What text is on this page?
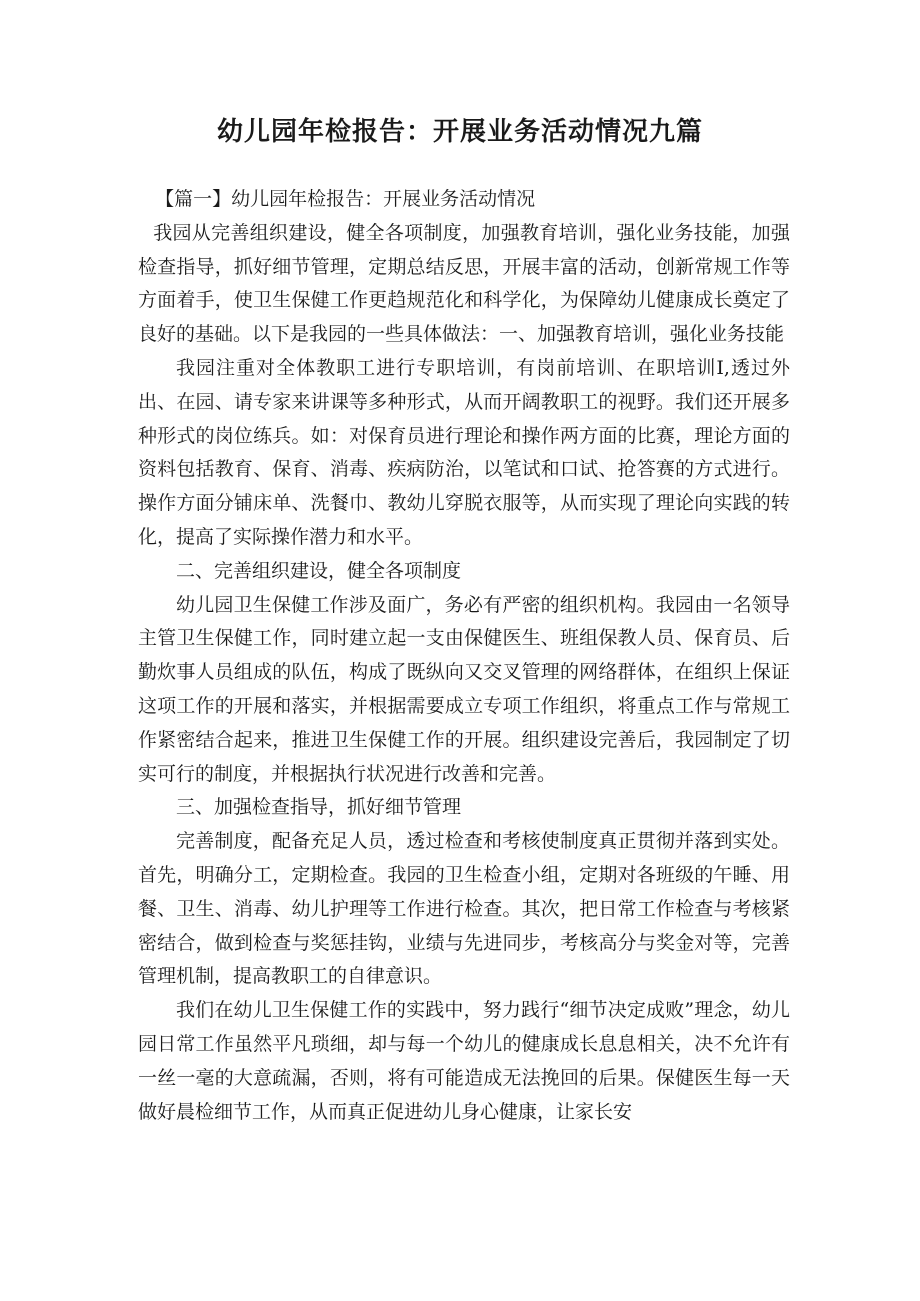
幼儿园年检报告：开展业务活动情况九篇

【篇一】幼儿园年检报告：开展业务活动情况

我园从完善组织建设，健全各项制度，加强教育培训，强化业务技能，加强检查指导，抓好细节管理，定期总结反思，开展丰富的活动，创新常规工作等方面着手，使卫生保健工作更趋规范化和科学化，为保障幼儿健康成长奠定了良好的基础。以下是我园的一些具体做法：一、加强教育培训，强化业务技能

我园注重对全体教职工进行专职培训，有岗前培训、在职培训I,透过外出、在园、请专家来讲课等多种形式，从而开阔教职工的视野。我们还开展多种形式的岗位练兵。如：对保育员进行理论和操作两方面的比赛，理论方面的资料包括教育、保育、消毒、疾病防治，以笔试和口试、抢答赛的方式进行。操作方面分铺床单、洗餐巾、教幼儿穿脱衣服等，从而实现了理论向实践的转化，提高了实际操作潜力和水平。

二、完善组织建设，健全各项制度

幼儿园卫生保健工作涉及面广，务必有严密的组织机构。我园由一名领导主管卫生保健工作，同时建立起一支由保健医生、班组保教人员、保育员、后勤炊事人员组成的队伍，构成了既纵向又交叉管理的网络群体，在组织上保证这项工作的开展和落实，并根据需要成立专项工作组织，将重点工作与常规工作紧密结合起来，推进卫生保健工作的开展。组织建设完善后，我园制定了切实可行的制度，并根据执行状况进行改善和完善。

三、加强检查指导，抓好细节管理

完善制度，配备充足人员，透过检查和考核使制度真正贯彻并落到实处。首先，明确分工，定期检查。我园的卫生检查小组，定期对各班级的午睡、用餐、卫生、消毒、幼儿护理等工作进行检查。其次，把日常工作检查与考核紧密结合，做到检查与奖惩挂钩，业绩与先进同步，考核高分与奖金对等，完善管理机制，提高教职工的自律意识。

我们在幼儿卫生保健工作的实践中，努力践行“细节决定成败”理念，幼儿园日常工作虽然平凡琐细，却与每一个幼儿的健康成长息息相关，决不允许有一丝一毫的大意疏漏，否则，将有可能造成无法挽回的后果。保健医生每一天做好晨检细节工作，从而真正促进幼儿身心健康，让家长安
